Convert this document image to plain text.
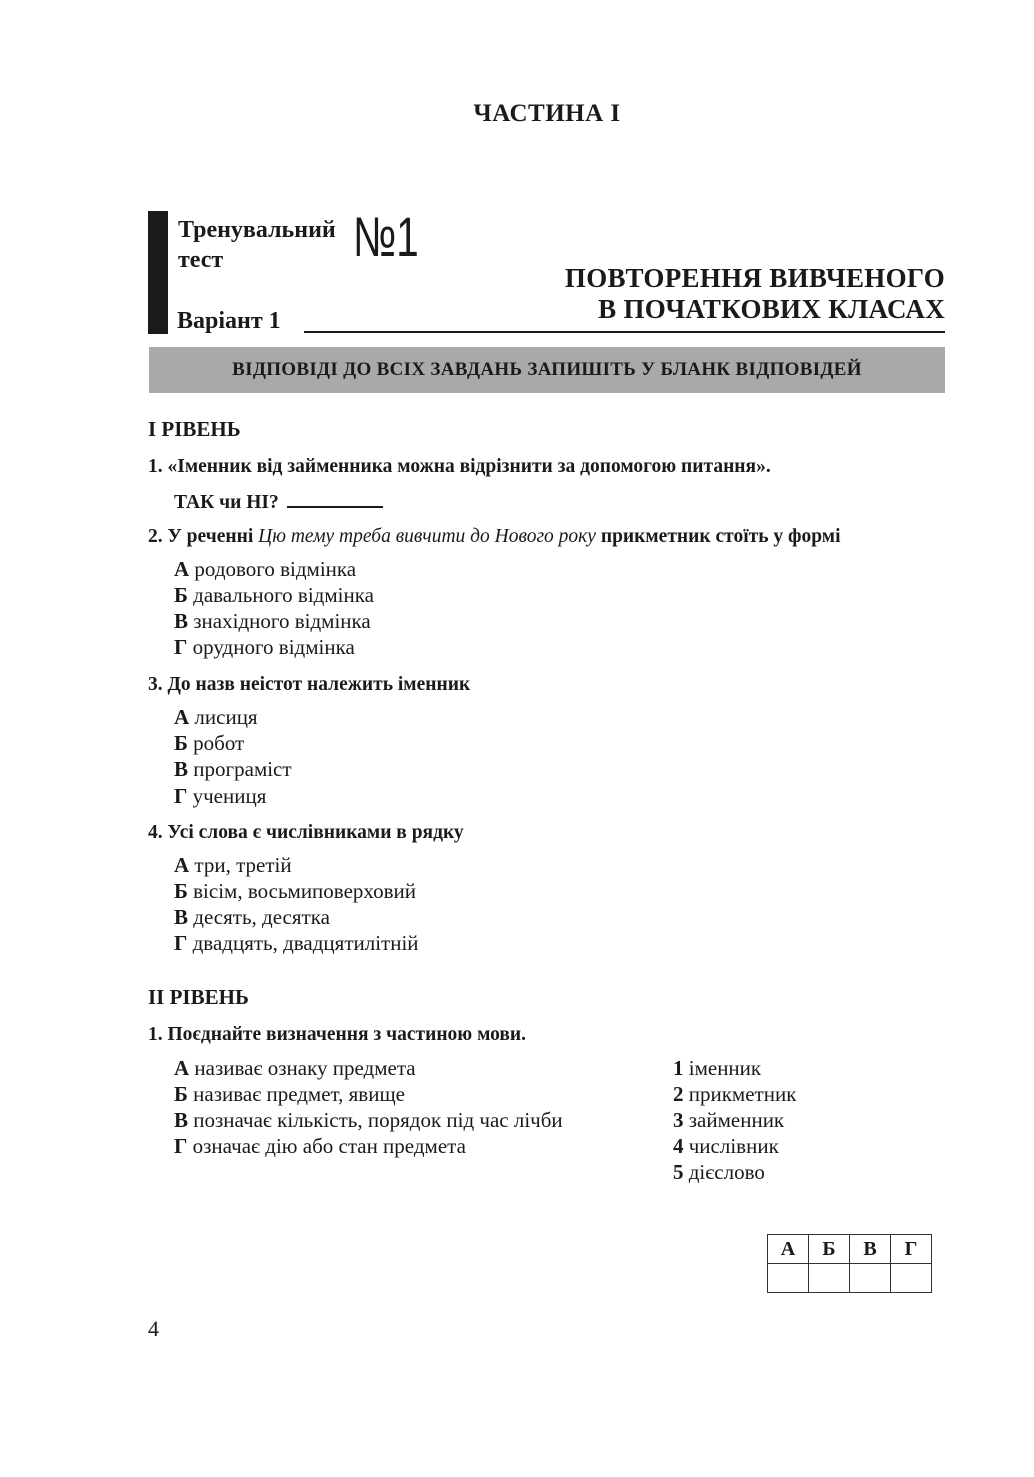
ЧАСТИНА I
Тренувальний
тест	№1
Варіант 1
ПОВТОРЕННЯ ВИВЧЕНОГО
В ПОЧАТКОВИХ КЛАСАХ
ВІДПОВІДІ ДО ВСІХ ЗАВДАНЬ ЗАПИШІТЬ У БЛАНК ВІДПОВІДЕЙ
І РІВЕНЬ
1. «Іменник від займенника можна відрізнити за допомогою питання».
ТАК чи НІ?
2. У реченні Цю тему треба вивчити до Нового року прикметник стоїть у формі
А родового відмінка
Б давального відмінка
В знахідного відмінка
Г орудного відмінка
3. До назв неістот належить іменник
А лисиця
Б робот
В програміст
Г учениця
4. Усі слова є числівниками в рядку
А три, третій
Б вісім, восьмиповерховий
В десять, десятка
Г двадцять, двадцятилітній
ІІ РІВЕНЬ
1. Поєднайте визначення з частиною мови.
А називає ознаку предмета
Б називає предмет, явище
В позначає кількість, порядок під час лічби
Г означає дію або стан предмета
1 іменник
2 прикметник
3 займенник
4 числівник
5 дієслово
А	Б	В	Г

4
